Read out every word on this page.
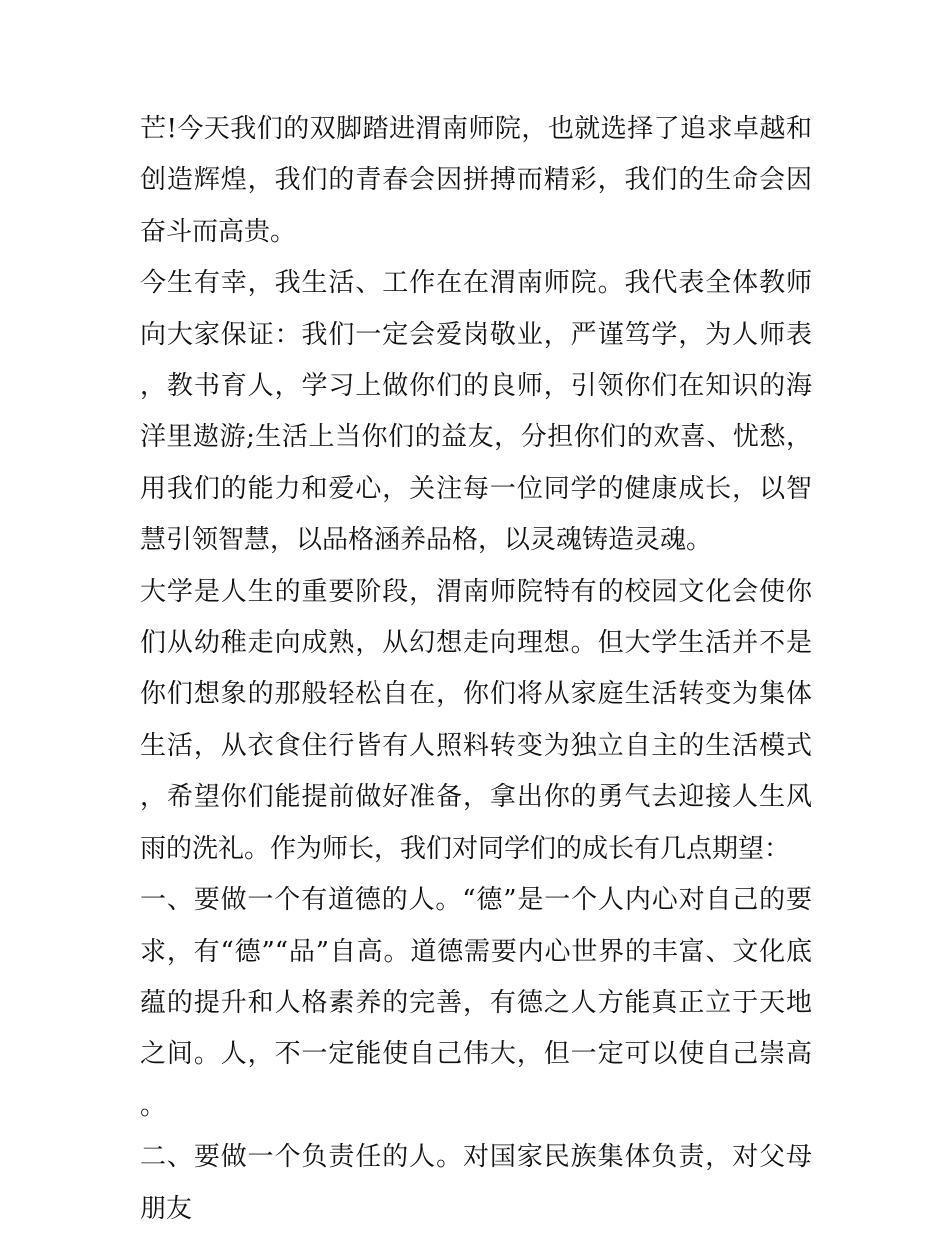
芒!今天我们的双脚踏进渭南师院，也就选择了追求卓越和创造辉煌，我们的青春会因拼搏而精彩，我们的生命会因奋斗而高贵。

今生有幸，我生活、工作在在渭南师院。我代表全体教师向大家保证：我们一定会爱岗敬业，严谨笃学，为人师表，教书育人，学习上做你们的良师，引领你们在知识的海洋里遨游;生活上当你们的益友，分担你们的欢喜、忧愁，用我们的能力和爱心，关注每一位同学的健康成长，以智慧引领智慧，以品格涵养品格，以灵魂铸造灵魂。

大学是人生的重要阶段，渭南师院特有的校园文化会使你们从幼稚走向成熟，从幻想走向理想。但大学生活并不是你们想象的那般轻松自在，你们将从家庭生活转变为集体生活，从衣食住行皆有人照料转变为独立自主的生活模式，希望你们能提前做好准备，拿出你的勇气去迎接人生风雨的洗礼。作为师长，我们对同学们的成长有几点期望：

一、要做一个有道德的人。“德”是一个人内心对自己的要求，有“德”“品”自高。道德需要内心世界的丰富、文化底蕴的提升和人格素养的完善，有德之人方能真正立于天地之间。人，不一定能使自己伟大，但一定可以使自己崇高。

二、要做一个负责任的人。对国家民族集体负责，对父母朋友
